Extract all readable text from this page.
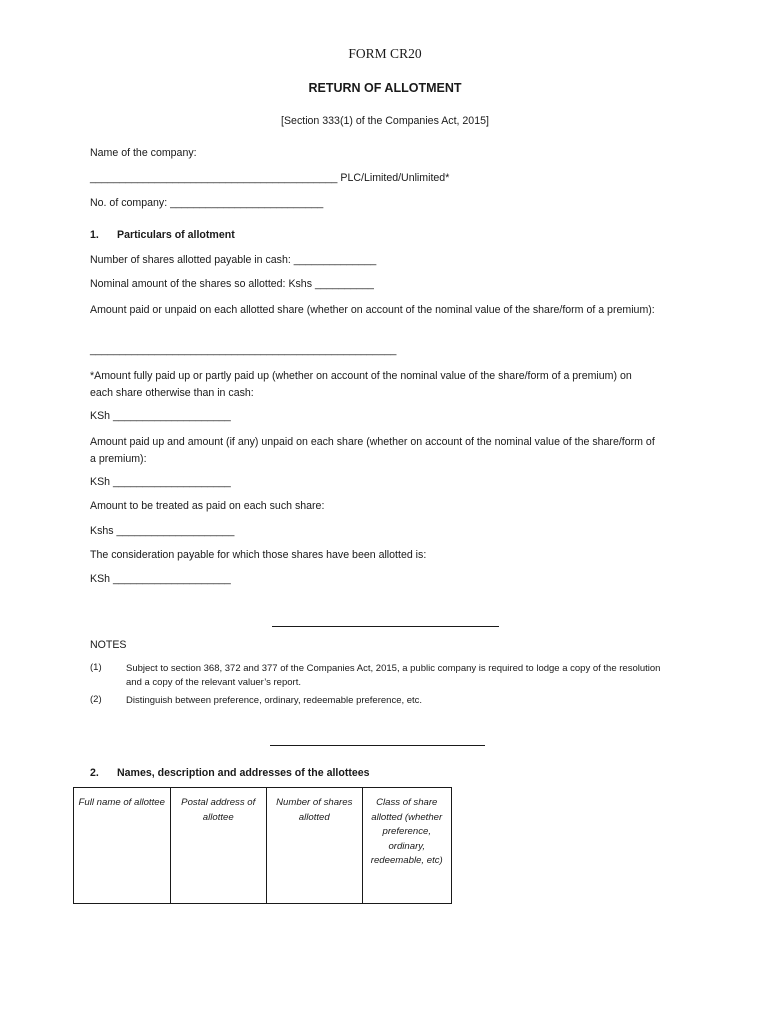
FORM CR20
RETURN OF ALLOTMENT
[Section 333(1) of the Companies Act, 2015]
Name of the company:
__________________________________________ PLC/Limited/Unlimited*
No. of company: __________________________
1. Particulars of allotment
Number of shares allotted payable in cash: ______________
Nominal amount of the shares so allotted: Kshs __________
Amount paid or unpaid on each allotted share (whether on account of the nominal value of the share/form of a premium):
____________________________________________________
*Amount fully paid up or partly paid up (whether on account of the nominal value of the share/form of a premium) on each share otherwise than in cash:
KSh ____________________
Amount paid up and amount (if any) unpaid on each share (whether on account of the nominal value of the share/form of a premium):
KSh ____________________
Amount to be treated as paid on each such share:
Kshs ____________________
The consideration payable for which those shares have been allotted is:
KSh ____________________
NOTES
(1)	Subject to section 368, 372 and 377 of the Companies Act, 2015, a public company is required to lodge a copy of the resolution and a copy of the relevant valuer’s report.
(2)	Distinguish between preference, ordinary, redeemable preference, etc.
2. Names, description and addresses of the allottees
Full name of allottee	Postal address of allottee	Number of shares allotted	Class of share allotted (whether preference, ordinary, redeemable, etc)
